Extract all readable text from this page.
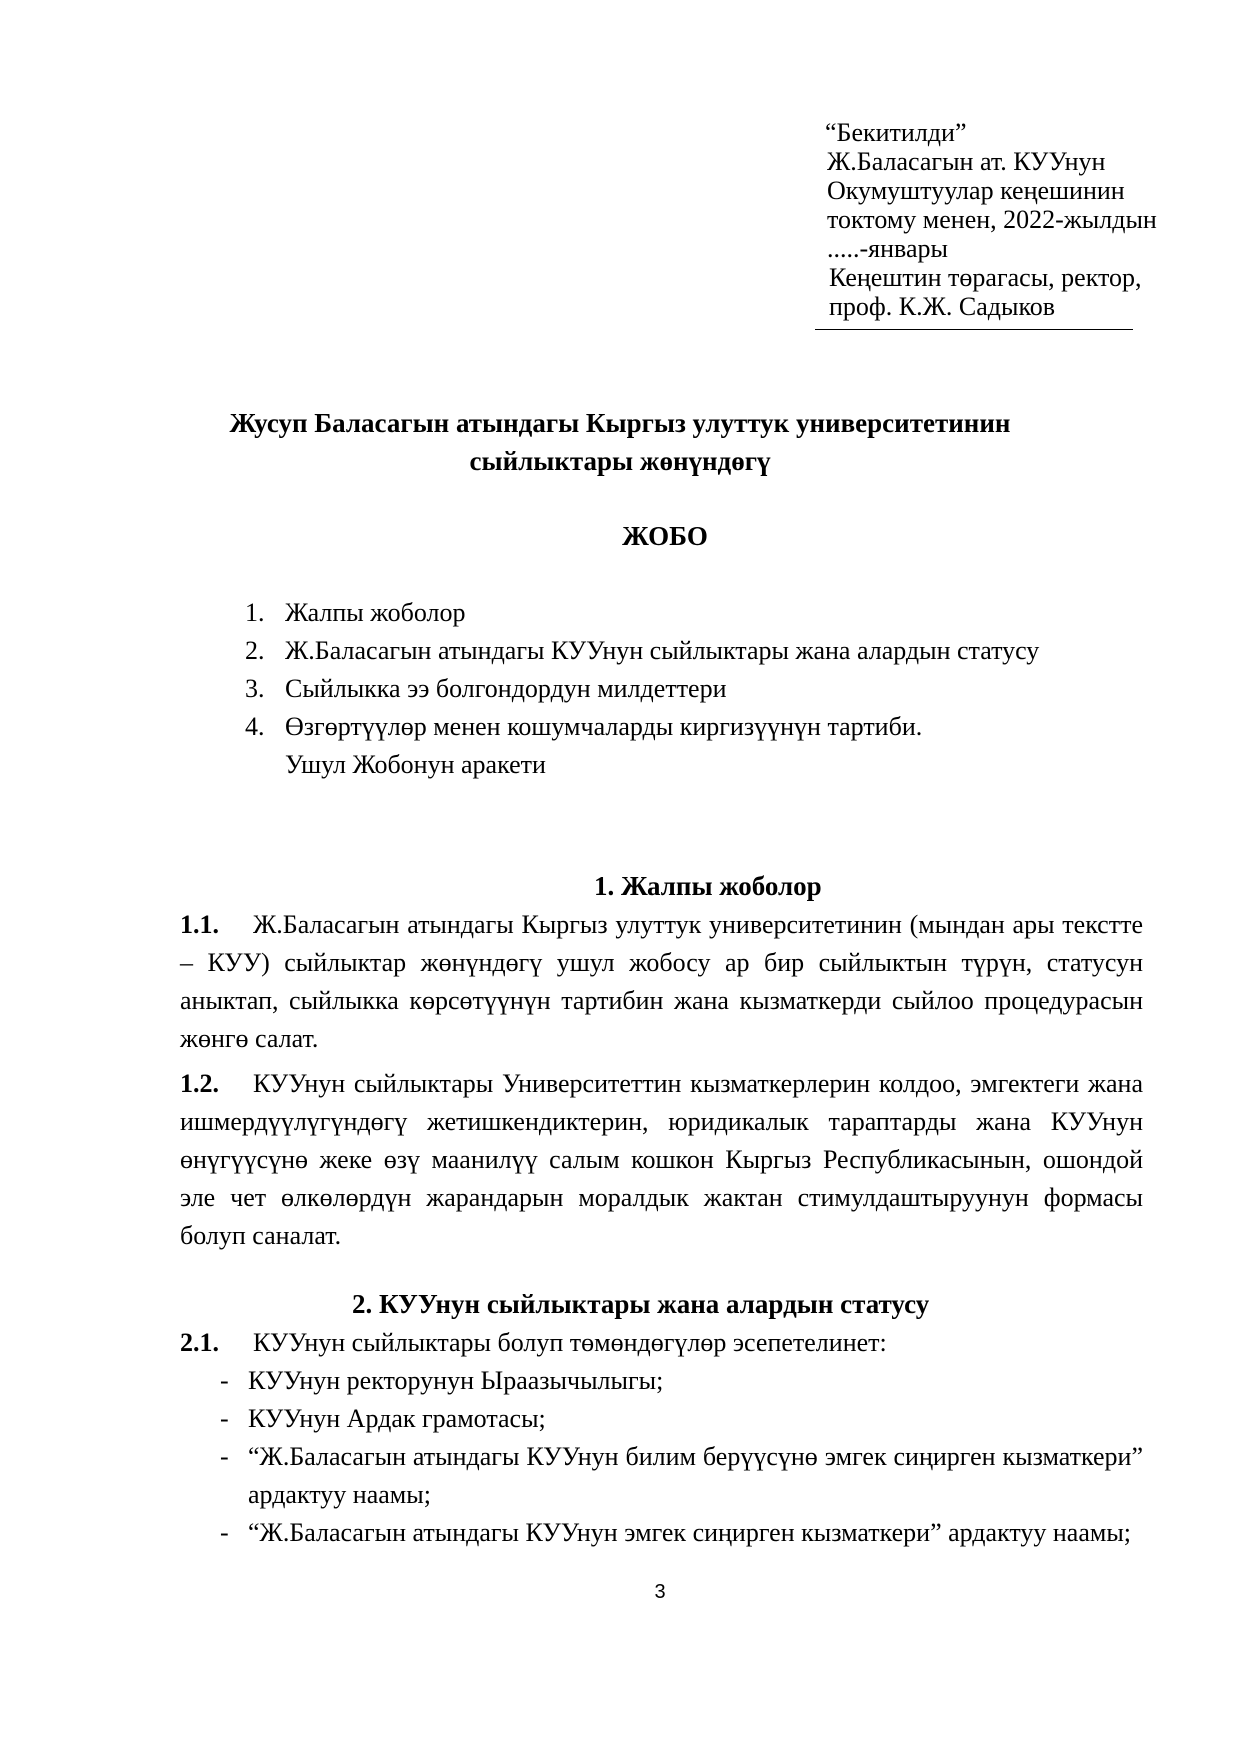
“Бекитилди”
Ж.Баласагын ат. КУУнун
Окумуштуулар кеңешинин
токтому менен, 2022-жылдын
.....-январы
Кеңештин төрагасы, ректор,
проф. К.Ж. Садыков
Жусуп Баласагын атындагы Кыргыз улуттук университетинин
сыйлыктары жөнүндөгү
ЖОБО
1. Жалпы жоболор
2. Ж.Баласагын атындагы КУУнун сыйлыктары жана алардын статусу
3. Сыйлыкка ээ болгондордун милдеттери
4. Өзгөртүүлөр менен кошумчаларды киргизүүнүн тартиби.
Ушул Жобонун аракети
1. Жалпы жоболор
1.1. Ж.Баласагын атындагы Кыргыз улуттук университетинин (мындан ары тексттe – КУУ) сыйлыктар жөнүндөгү ушул жобосу ар бир сыйлыктын түрүн, статусун аныктап, сыйлыкка көрсөтүүнүн тартибин жана кызматкерди сыйлоо процедурасын жөнгө салат.
1.2. КУУнун сыйлыктары Университеттин кызматкерлерин колдоо, эмгектеги жана ишмердүүлүгүндөгү жетишкендиктерин, юридикалык тараптарды жана КУУнун өнүгүүсүнө жеке өзү маанилүү салым кошкон Кыргыз Республикасынын, ошондой эле чет өлкөлөрдүн жарандарын моралдык жактан стимулдаштыруунун формасы болуп саналат.
2. КУУнун сыйлыктары жана алардын статусу
2.1. КУУнун сыйлыктары болуп төмөндөгүлөр эсепетелинет:
- КУУнун ректорунун Ыраазычылыгы;
- КУУнун Ардак грамотасы;
- “Ж.Баласагын атындагы КУУнун билим берүүсүнө эмгек сиңирген кызматкери” ардактуу наамы;
- “Ж.Баласагын атындагы КУУнун эмгек сиңирген кызматкери” ардактуу наамы;
3
